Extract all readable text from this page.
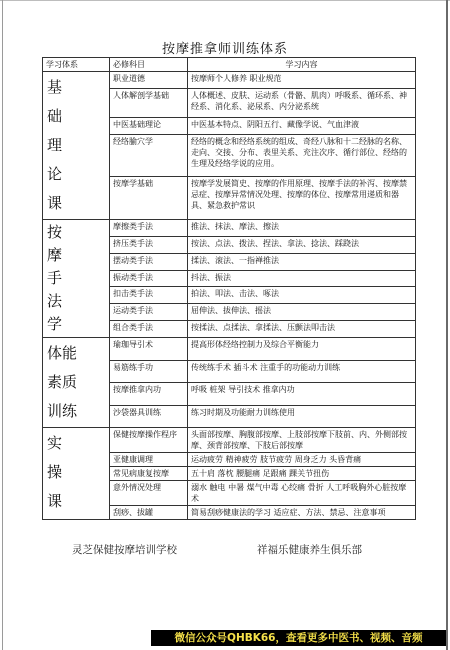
按摩推拿师训练体系
学习体系	必修科目	学习内容

基
础
理
论
课	职业道德	按摩师个人修养 职业规范
	人体解剖学基础	人体概述、皮肤、运动系（骨骼、肌肉）呼吸系、循环系、神经系、消化系、泌尿系、内分泌系统
	中医基础理论	中医基本特点、阴阳五行、藏像学说、气血津液
	经络腧穴学	经络的概念和经络系统的组成、奇经八脉和十二经脉的名称、走向、交接、分布、表里关系、充注次序、循行部位、经络的生理及经络学说的应用。
	按摩学基础	按摩学发展简史、按摩的作用原理、按摩手法的补泻、按摩禁忌症、按摩异常情况处理、按摩的体位、按摩常用递质和器具、紧急救护常识

按
摩
手
法
学	摩擦类手法	推法、抹法、摩法、擦法
	挤压类手法	按法、点法、拨法、捏法、拿法、捻法、踩跷法
	摆动类手法	揉法、滚法、一指禅推法
	振动类手法	抖法、振法
	扣击类手法	拍法、叩法、击法、啄法
	运动类手法	屈伸法、拔伸法、摇法
	组合类手法	按揉法、点揉法、拿揉法、压颤法叩击法

体能
素质
训练	瑜珈导引术	提高形体经络控制力及综合平衡能力
	易筋练手功	传统练手术 插斗术 注重手的功能动力训练
	按摩推拿内功	呼吸 桩架 导引技术 推拿内功
	沙袋器具训练	练习时期及功能耐力训练使用

实
操
课	保健按摩操作程序	头面部按摩、胸腹部按摩、上肢部按摩下肢前、内、外侧部按摩、颈背部按摩、下肢后部按摩
	亚健康调理	运动疲劳 精神疲劳 肢节疲劳 周身乏力 头昏背痛
	常见病康复按摩	五十肩 落枕 腰腿痛 足跟痛 踝关节扭伤
	意外情况处理	溺水 触电 中暑 煤气中毒 心绞痛 骨折 人工呼吸胸外心脏按摩术
	刮痧、拔罐	简易刮痧健康法的学习 适应症、方法、禁忌、注意事项
灵芝保健按摩培训学校	祥福乐健康养生俱乐部
微信公众号QHBK66，查看更多中医书、视频、音频
